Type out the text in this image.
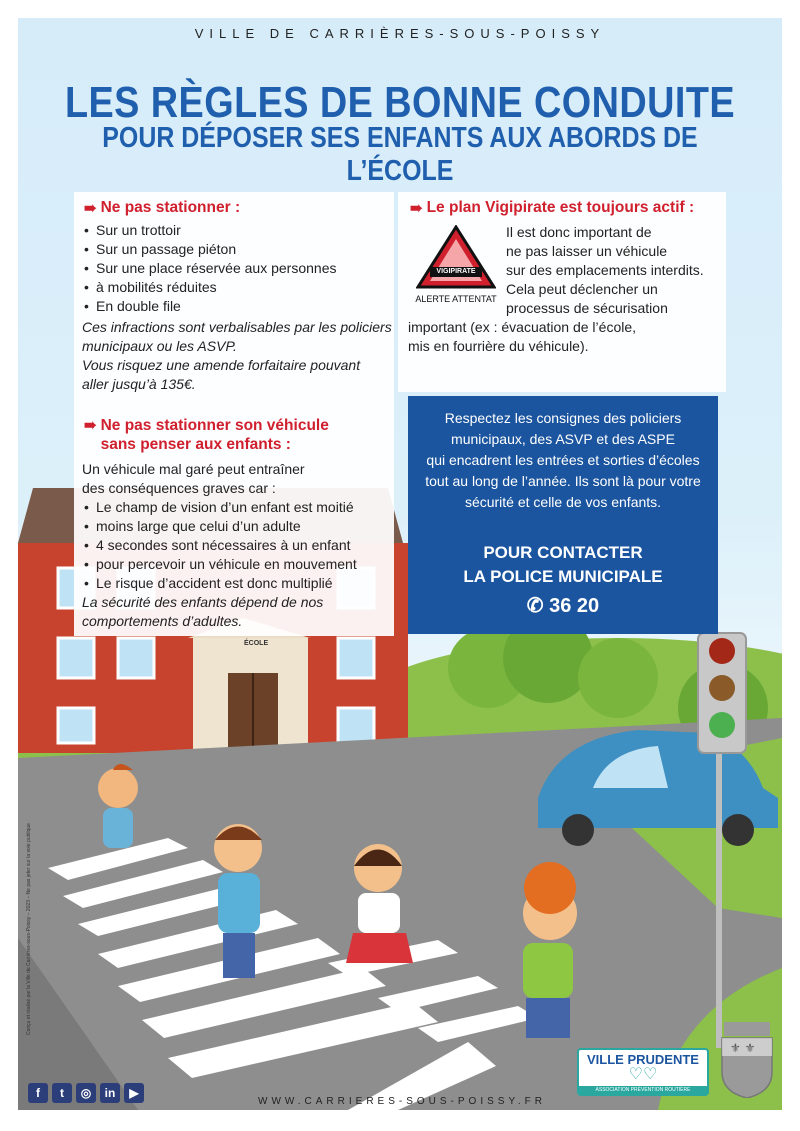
ÉCOLE
VILLE DE CARRIÈRES-SOUS-POISSY
LES RÈGLES DE BONNE CONDUITE
POUR DÉPOSER SES ENFANTS AUX ABORDS DE L’ÉCOLE
➠ Ne pas stationner :
• Sur un trottoir
• Sur un passage piéton
• Sur une place réservée aux personnes
• à mobilités réduites
• En double file
Ces infractions sont verbalisables par les policiers
municipaux ou les ASVP.
Vous risquez une amende forfaitaire pouvant
aller jusqu’à 135€.
➠ Ne pas stationner son véhicule
sans penser aux enfants :
Un véhicule mal garé peut entraîner
des conséquences graves car :
• Le champ de vision d’un enfant est moitié
• moins large que celui d’un adulte
• 4 secondes sont nécessaires à un enfant
• pour percevoir un véhicule en mouvement
• Le risque d’accident est donc multiplié
La sécurité des enfants dépend de nos
comportements d’adultes.
➠ Le plan Vigipirate est toujours actif :
VIGIPIRATE
ALERTE ATTENTAT
Il est donc important de
ne pas laisser un véhicule
sur des emplacements interdits.
Cela peut déclencher un
processus de sécurisation
important (ex : évacuation de l’école,
mis en fourrière du véhicule).
Respectez les consignes des policiers
municipaux, des ASVP et des ASPE
qui encadrent les entrées et sorties d’écoles
tout au long de l’année. Ils sont là pour votre
sécurité et celle de vos enfants.
POUR CONTACTER
LA POLICE MUNICIPALE
✆ 36 20
Conçu et réalisé par la Ville de Carrières-sous-Poissy – 2023 – Ne pas jeter sur la voie publique
f	t	◎	in	▶
WWW.CARRIERES-SOUS-POISSY.FR
VILLE PRUDENTE
♡♡
ASSOCIATION PRÉVENTION ROUTIÈRE
⚜ ⚜
